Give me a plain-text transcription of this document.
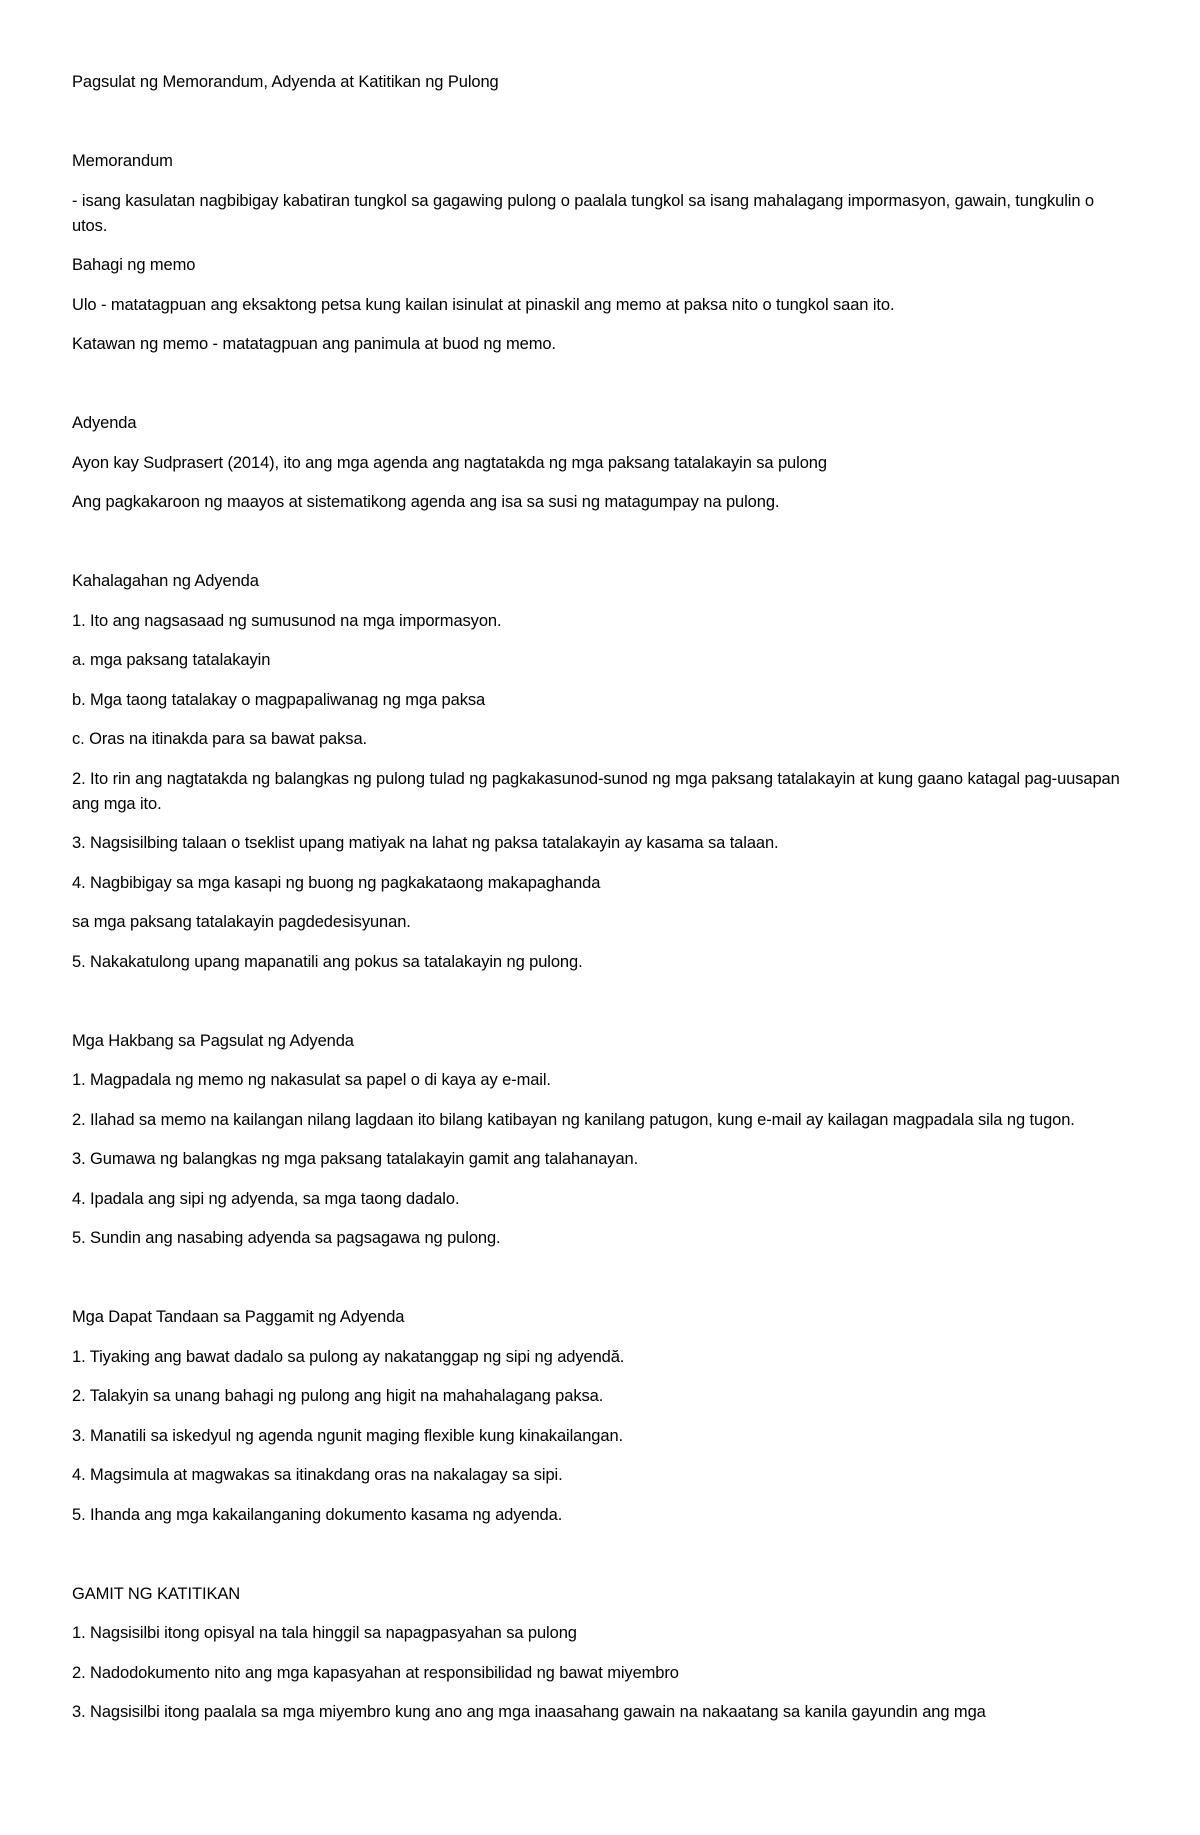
Pagsulat ng Memorandum, Adyenda at Katitikan ng Pulong

Memorandum

- isang kasulatan nagbibigay kabatiran tungkol sa gagawing pulong o paalala tungkol sa isang mahalagang impormasyon, gawain, tungkulin o utos.

Bahagi ng memo

Ulo - matatagpuan ang eksaktong petsa kung kailan isinulat at pinaskil ang memo at paksa nito o tungkol saan ito.

Katawan ng memo - matatagpuan ang panimula at buod ng memo.

Adyenda

Ayon kay Sudprasert (2014), ito ang mga agenda ang nagtatakda ng mga paksang tatalakayin sa pulong

Ang pagkakaroon ng maayos at sistematikong agenda ang isa sa susi ng matagumpay na pulong.

Kahalagahan ng Adyenda

1. Ito ang nagsasaad ng sumusunod na mga impormasyon.

a. mga paksang tatalakayin

b. Mga taong tatalakay o magpapaliwanag ng mga paksa

c. Oras na itinakda para sa bawat paksa.

2. Ito rin ang nagtatakda ng balangkas ng pulong tulad ng pagkakasunod-sunod ng mga paksang tatalakayin at kung gaano katagal pag-uusapan ang mga ito.

3. Nagsisilbing talaan o tseklist upang matiyak na lahat ng paksa tatalakayin ay kasama sa talaan.

4. Nagbibigay sa mga kasapi ng buong ng pagkakataong makapaghanda

sa mga paksang tatalakayin pagdedesisyunan.

5. Nakakatulong upang mapanatili ang pokus sa tatalakayin ng pulong.

Mga Hakbang sa Pagsulat ng Adyenda

1. Magpadala ng memo ng nakasulat sa papel o di kaya ay e-mail.

2. Ilahad sa memo na kailangan nilang lagdaan ito bilang katibayan ng kanilang patugon, kung e-mail ay kailagan magpadala sila ng tugon.

3. Gumawa ng balangkas ng mga paksang tatalakayin gamit ang talahanayan.

4. Ipadala ang sipi ng adyenda, sa mga taong dadalo.

5. Sundin ang nasabing adyenda sa pagsagawa ng pulong.

Mga Dapat Tandaan sa Paggamit ng Adyenda

1. Tiyaking ang bawat dadalo sa pulong ay nakatanggap ng sipi ng adyendă.

2. Talakyin sa unang bahagi ng pulong ang higit na mahahalagang paksa.

3. Manatili sa iskedyul ng agenda ngunit maging flexible kung kinakailangan.

4. Magsimula at magwakas sa itinakdang oras na nakalagay sa sipi.

5. Ihanda ang mga kakailanganing dokumento kasama ng adyenda.

GAMIT NG KATITIKAN

1. Nagsisilbi itong opisyal na tala hinggil sa napagpasyahan sa pulong

2. Nadodokumento nito ang mga kapasyahan at responsibilidad ng bawat miyembro

3. Nagsisilbi itong paalala sa mga miyembro kung ano ang mga inaasahang gawain na nakaatang sa kanila gayundin ang mga
